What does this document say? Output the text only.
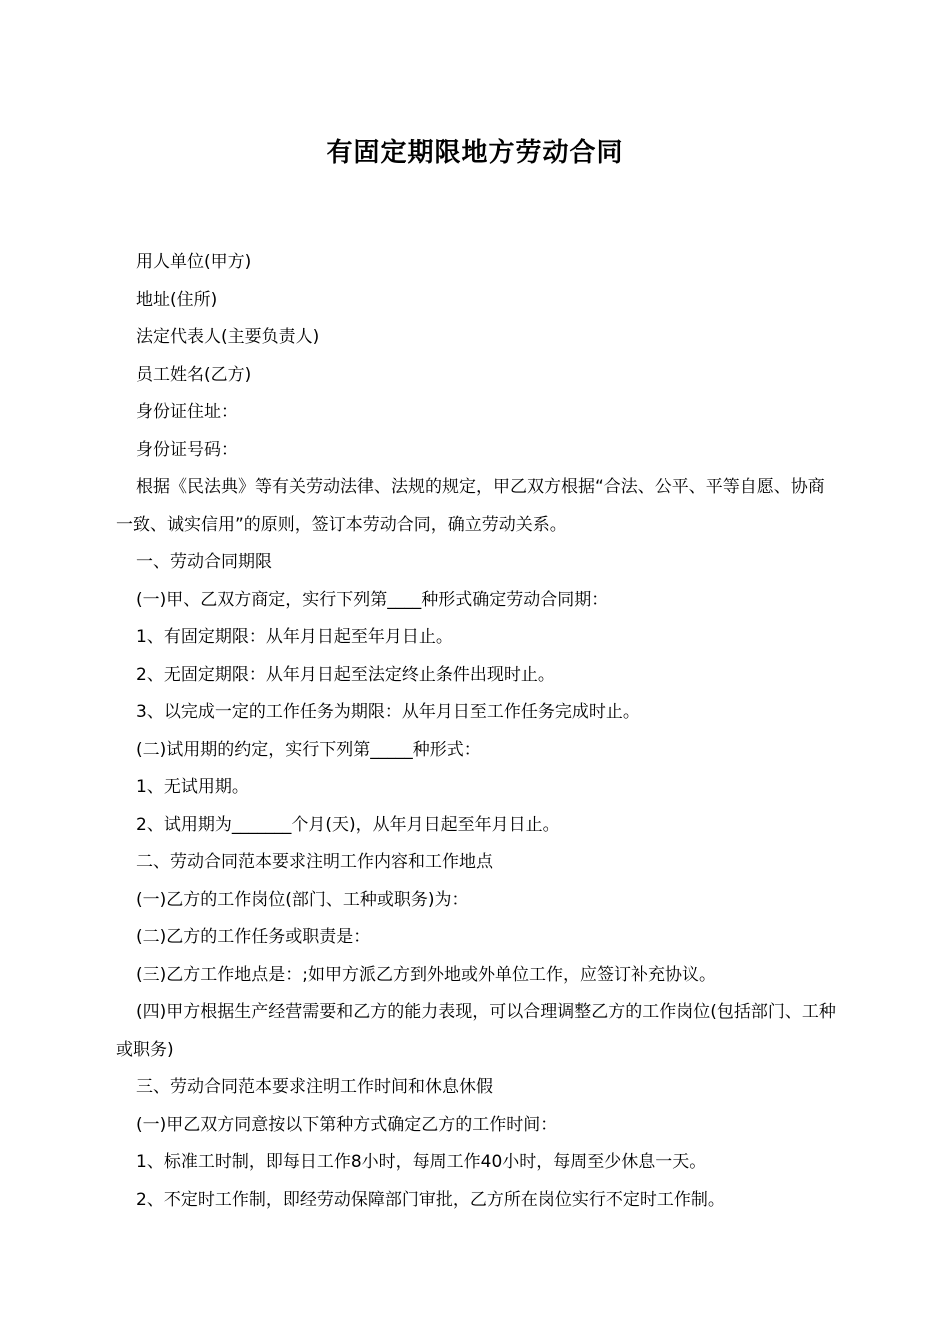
有固定期限地方劳动合同

用人单位(甲方)

地址(住所)

法定代表人(主要负责人)

员工姓名(乙方)

身份证住址：

身份证号码：

根据《民法典》等有关劳动法律、法规的规定，甲乙双方根据“合法、公平、平等自愿、协商一致、诚实信用”的原则，签订本劳动合同，确立劳动关系。

一、劳动合同期限

(一)甲、乙双方商定，实行下列第____种形式确定劳动合同期：

1、有固定期限：从年月日起至年月日止。

2、无固定期限：从年月日起至法定终止条件出现时止。

3、以完成一定的工作任务为期限：从年月日至工作任务完成时止。

(二)试用期的约定，实行下列第_____种形式：

1、无试用期。

2、试用期为_______个月(天)，从年月日起至年月日止。

二、劳动合同范本要求注明工作内容和工作地点

(一)乙方的工作岗位(部门、工种或职务)为：

(二)乙方的工作任务或职责是：

(三)乙方工作地点是：;如甲方派乙方到外地或外单位工作，应签订补充协议。

(四)甲方根据生产经营需要和乙方的能力表现，可以合理调整乙方的工作岗位(包括部门、工种或职务)

三、劳动合同范本要求注明工作时间和休息休假

(一)甲乙双方同意按以下第种方式确定乙方的工作时间：

1、标准工时制，即每日工作8小时，每周工作40小时，每周至少休息一天。

2、不定时工作制，即经劳动保障部门审批，乙方所在岗位实行不定时工作制。
